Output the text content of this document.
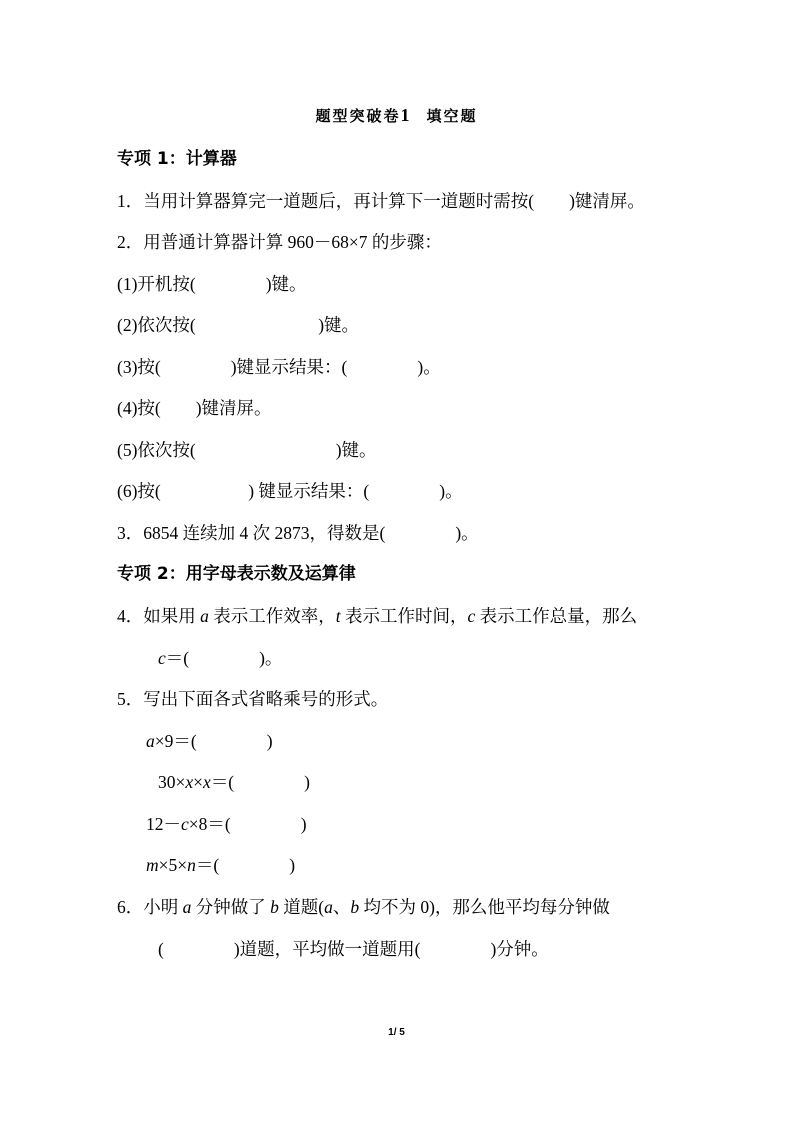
题型突破卷1　 填空题
专项 1：计算器
1．当用计算器算完一道题后，再计算下一道题时需按(　　)键清屏。
2．用普通计算器计算 960－68×7 的步骤：
(1)开机按(　　　　)键。
(2)依次按(　　　　　　　)键。
(3)按(　　　　)键显示结果：(　　　　)。
(4)按(　　)键清屏。
(5)依次按(　　　　　　　　)键。
(6)按(　　　　　) 键显示结果：(　　　　)。
3．6854 连续加 4 次 2873，得数是(　　　　)。
专项 2：用字母表示数及运算律
4．如果用 a 表示工作效率，t 表示工作时间，c 表示工作总量，那么
c＝(　　　　)。
5．写出下面各式省略乘号的形式。
a×9＝(　　　　)
30×x×x＝(　　　　)
12－c×8＝(　　　　)
m×5×n＝(　　　　)
6．小明 a 分钟做了 b 道题(a、b 均不为 0)，那么他平均每分钟做
(　　　　)道题，平均做一道题用(　　　　)分钟。
1/ 5
